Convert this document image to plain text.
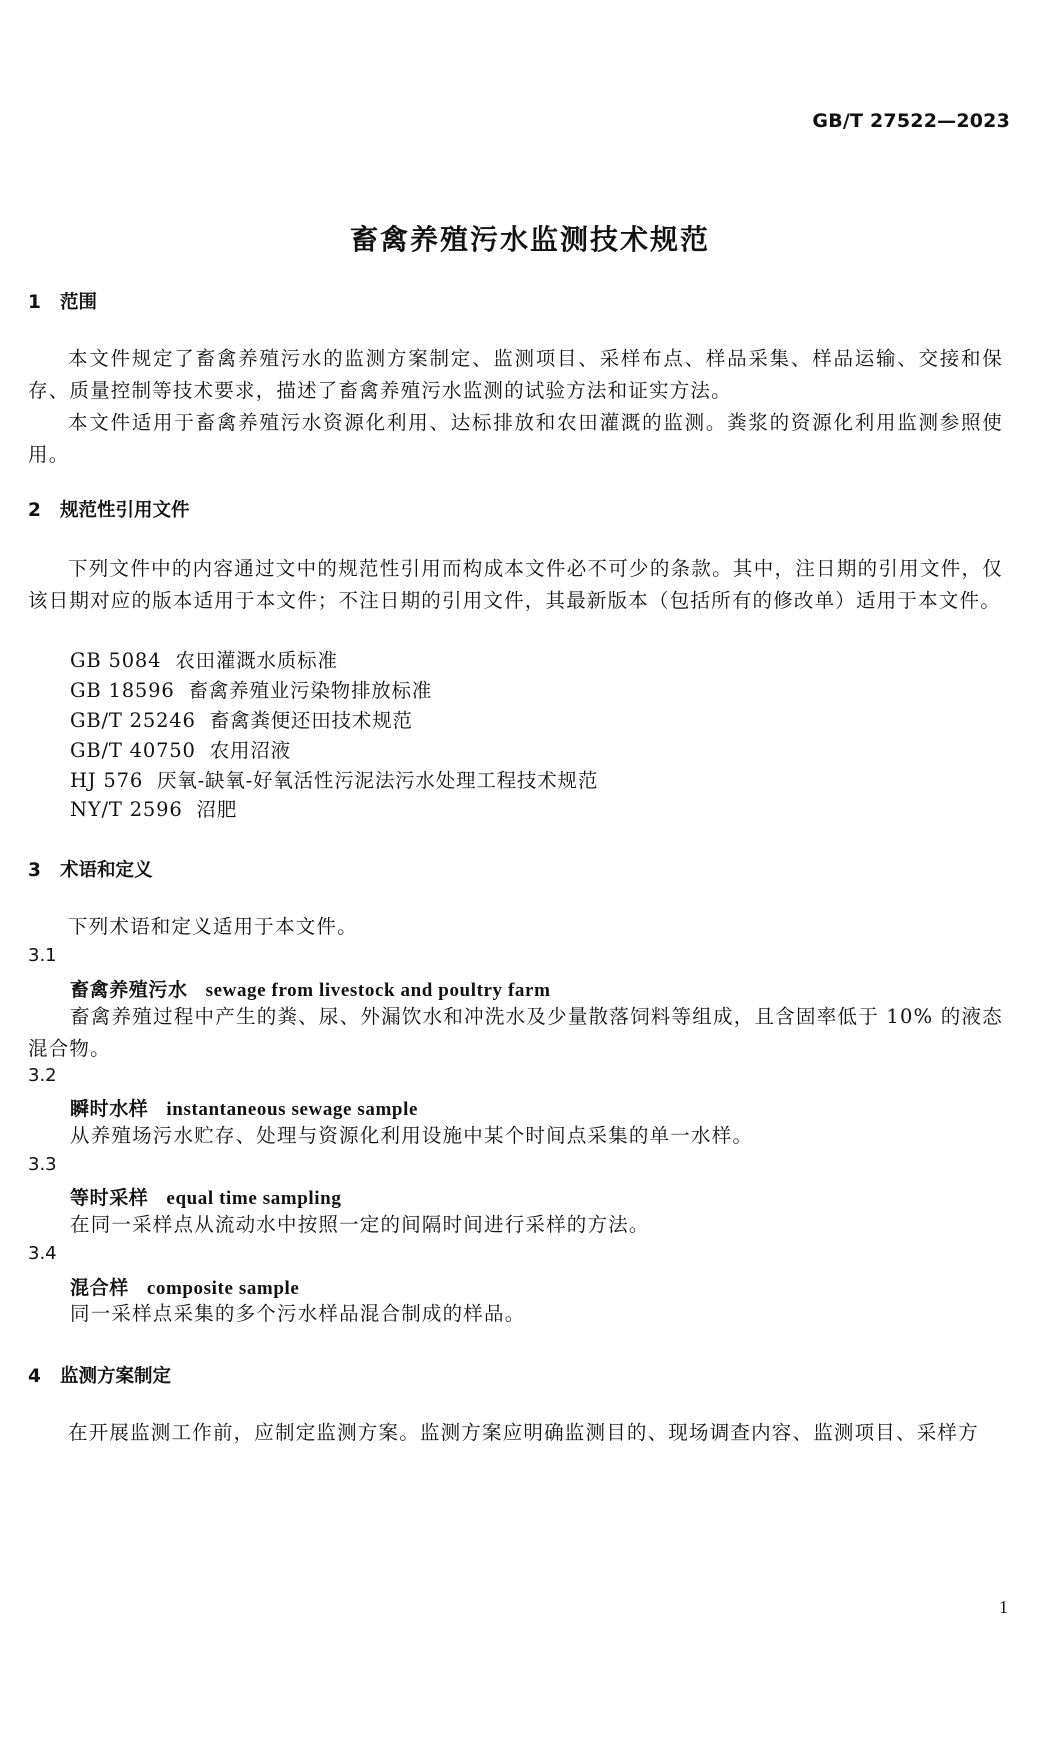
GB/T 27522—2023
畜禽养殖污水监测技术规范
1 范围
本文件规定了畜禽养殖污水的监测方案制定、监测项目、采样布点、样品采集、样品运输、交接和保存、质量控制等技术要求，描述了畜禽养殖污水监测的试验方法和证实方法。
本文件适用于畜禽养殖污水资源化利用、达标排放和农田灌溉的监测。粪浆的资源化利用监测参照使用。
2 规范性引用文件
下列文件中的内容通过文中的规范性引用而构成本文件必不可少的条款。其中，注日期的引用文件，仅该日期对应的版本适用于本文件；不注日期的引用文件，其最新版本（包括所有的修改单）适用于本文件。
GB 5084 农田灌溉水质标准
GB 18596 畜禽养殖业污染物排放标准
GB/T 25246 畜禽粪便还田技术规范
GB/T 40750 农用沼液
HJ 576 厌氧-缺氧-好氧活性污泥法污水处理工程技术规范
NY/T 2596 沼肥
3 术语和定义
下列术语和定义适用于本文件。
3.1
畜禽养殖污水 sewage from livestock and poultry farm
畜禽养殖过程中产生的粪、尿、外漏饮水和冲洗水及少量散落饲料等组成，且含固率低于 10% 的液态混合物。
3.2
瞬时水样 instantaneous sewage sample
从养殖场污水贮存、处理与资源化利用设施中某个时间点采集的单一水样。
3.3
等时采样 equal time sampling
在同一采样点从流动水中按照一定的间隔时间进行采样的方法。
3.4
混合样 composite sample
同一采样点采集的多个污水样品混合制成的样品。
4 监测方案制定
在开展监测工作前，应制定监测方案。监测方案应明确监测目的、现场调查内容、监测项目、采样方
1
